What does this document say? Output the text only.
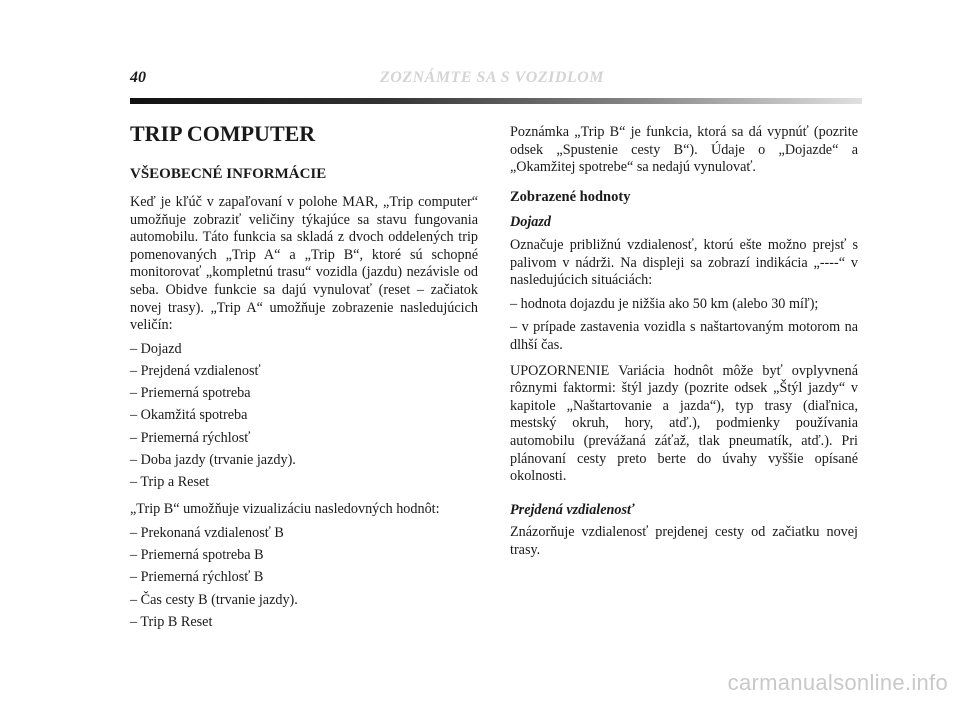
40	ZOZNÁMTE SA S VOZIDLOM
TRIP COMPUTER
VŠEOBECNÉ INFORMÁCIE

Keď je kľúč v zapaľovaní v polohe MAR, „Trip computer“ umožňuje zobraziť veličiny týkajúce sa stavu fungovania automobilu. Táto funkcia sa skladá z dvoch oddelených trip pomenovaných „Trip A“ a „Trip B“, ktoré sú schopné monitorovať „kompletnú trasu“ vozidla (jazdu) nezávisle od seba. Obidve funkcie sa dajú vynulovať (reset – začiatok novej trasy). „Trip A“ umožňuje zobrazenie nasledujúcich veličín:

– Dojazd
– Prejdená vzdialenosť
– Priemerná spotreba
– Okamžitá spotreba
– Priemerná rýchlosť
– Doba jazdy (trvanie jazdy).
– Trip a Reset

„Trip B“ umožňuje vizualizáciu nasledovných hodnôt:

– Prekonaná vzdialenosť B
– Priemerná spotreba B
– Priemerná rýchlosť B
– Čas cesty B (trvanie jazdy).
– Trip B Reset

Poznámka „Trip B“ je funkcia, ktorá sa dá vypnúť (pozrite odsek „Spustenie cesty B“). Údaje o „Dojazde“ a „Okamžitej spotrebe“ sa nedajú vynulovať.

Zobrazené hodnoty
Dojazd

Označuje približnú vzdialenosť, ktorú ešte možno prejsť s palivom v nádrži. Na displeji sa zobrazí indikácia „----“ v nasledujúcich situáciách:

– hodnota dojazdu je nižšia ako 50 km (alebo 30 míľ);

– v prípade zastavenia vozidla s naštartovaným motorom na dlhší čas.

UPOZORNENIE Variácia hodnôt môže byť ovplyvnená rôznymi faktormi: štýl jazdy (pozrite odsek „Štýl jazdy“ v kapitole „Naštartovanie a jazda“), typ trasy (diaľnica, mestský okruh, hory, atď.), podmienky používania automobilu (prevážaná záťaž, tlak pneumatík, atď.). Pri plánovaní cesty preto berte do úvahy vyššie opísané okolnosti.

Prejdená vzdialenosť

Znázorňuje vzdialenosť prejdenej cesty od začiatku novej trasy.

carmanualsonline.info
